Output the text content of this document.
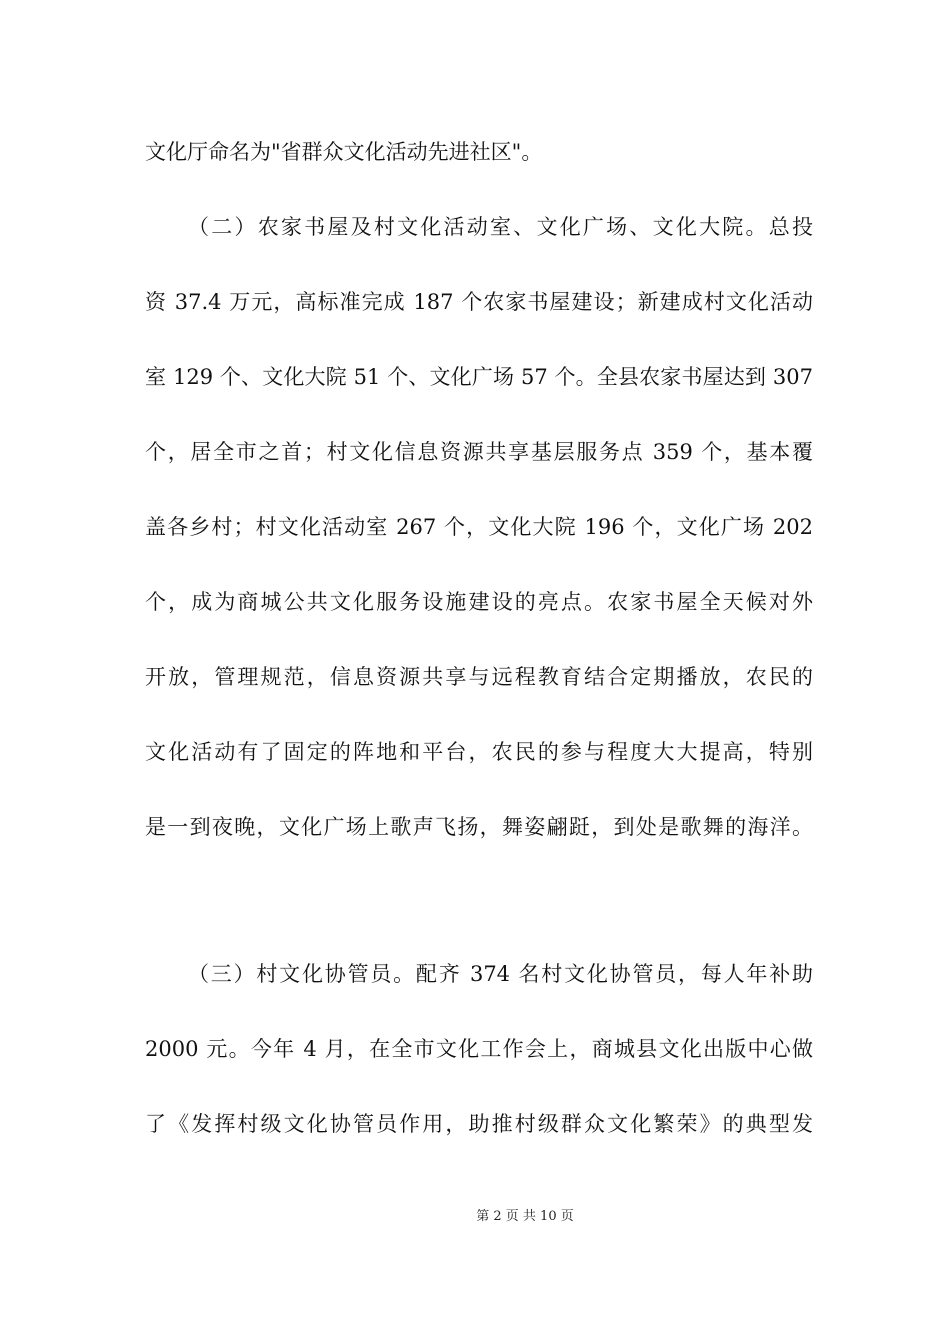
文化厅命名为"省群众文化活动先进社区"。
（二）农家书屋及村文化活动室、文化广场、文化大院。总投
资 37.4 万元，高标准完成 187 个农家书屋建设；新建成村文化活动
室 129 个、文化大院 51 个、文化广场 57 个。全县农家书屋达到 307
个，居全市之首；村文化信息资源共享基层服务点 359 个，基本覆
盖各乡村；村文化活动室 267 个，文化大院 196 个，文化广场 202
个，成为商城公共文化服务设施建设的亮点。农家书屋全天候对外
开放，管理规范，信息资源共享与远程教育结合定期播放，农民的
文化活动有了固定的阵地和平台，农民的参与程度大大提高，特别
是一到夜晚，文化广场上歌声飞扬，舞姿翩跹，到处是歌舞的海洋。
（三）村文化协管员。配齐 374 名村文化协管员，每人年补助
2000 元。今年 4 月，在全市文化工作会上，商城县文化出版中心做
了《发挥村级文化协管员作用，助推村级群众文化繁荣》的典型发
第 2 页 共 10 页
